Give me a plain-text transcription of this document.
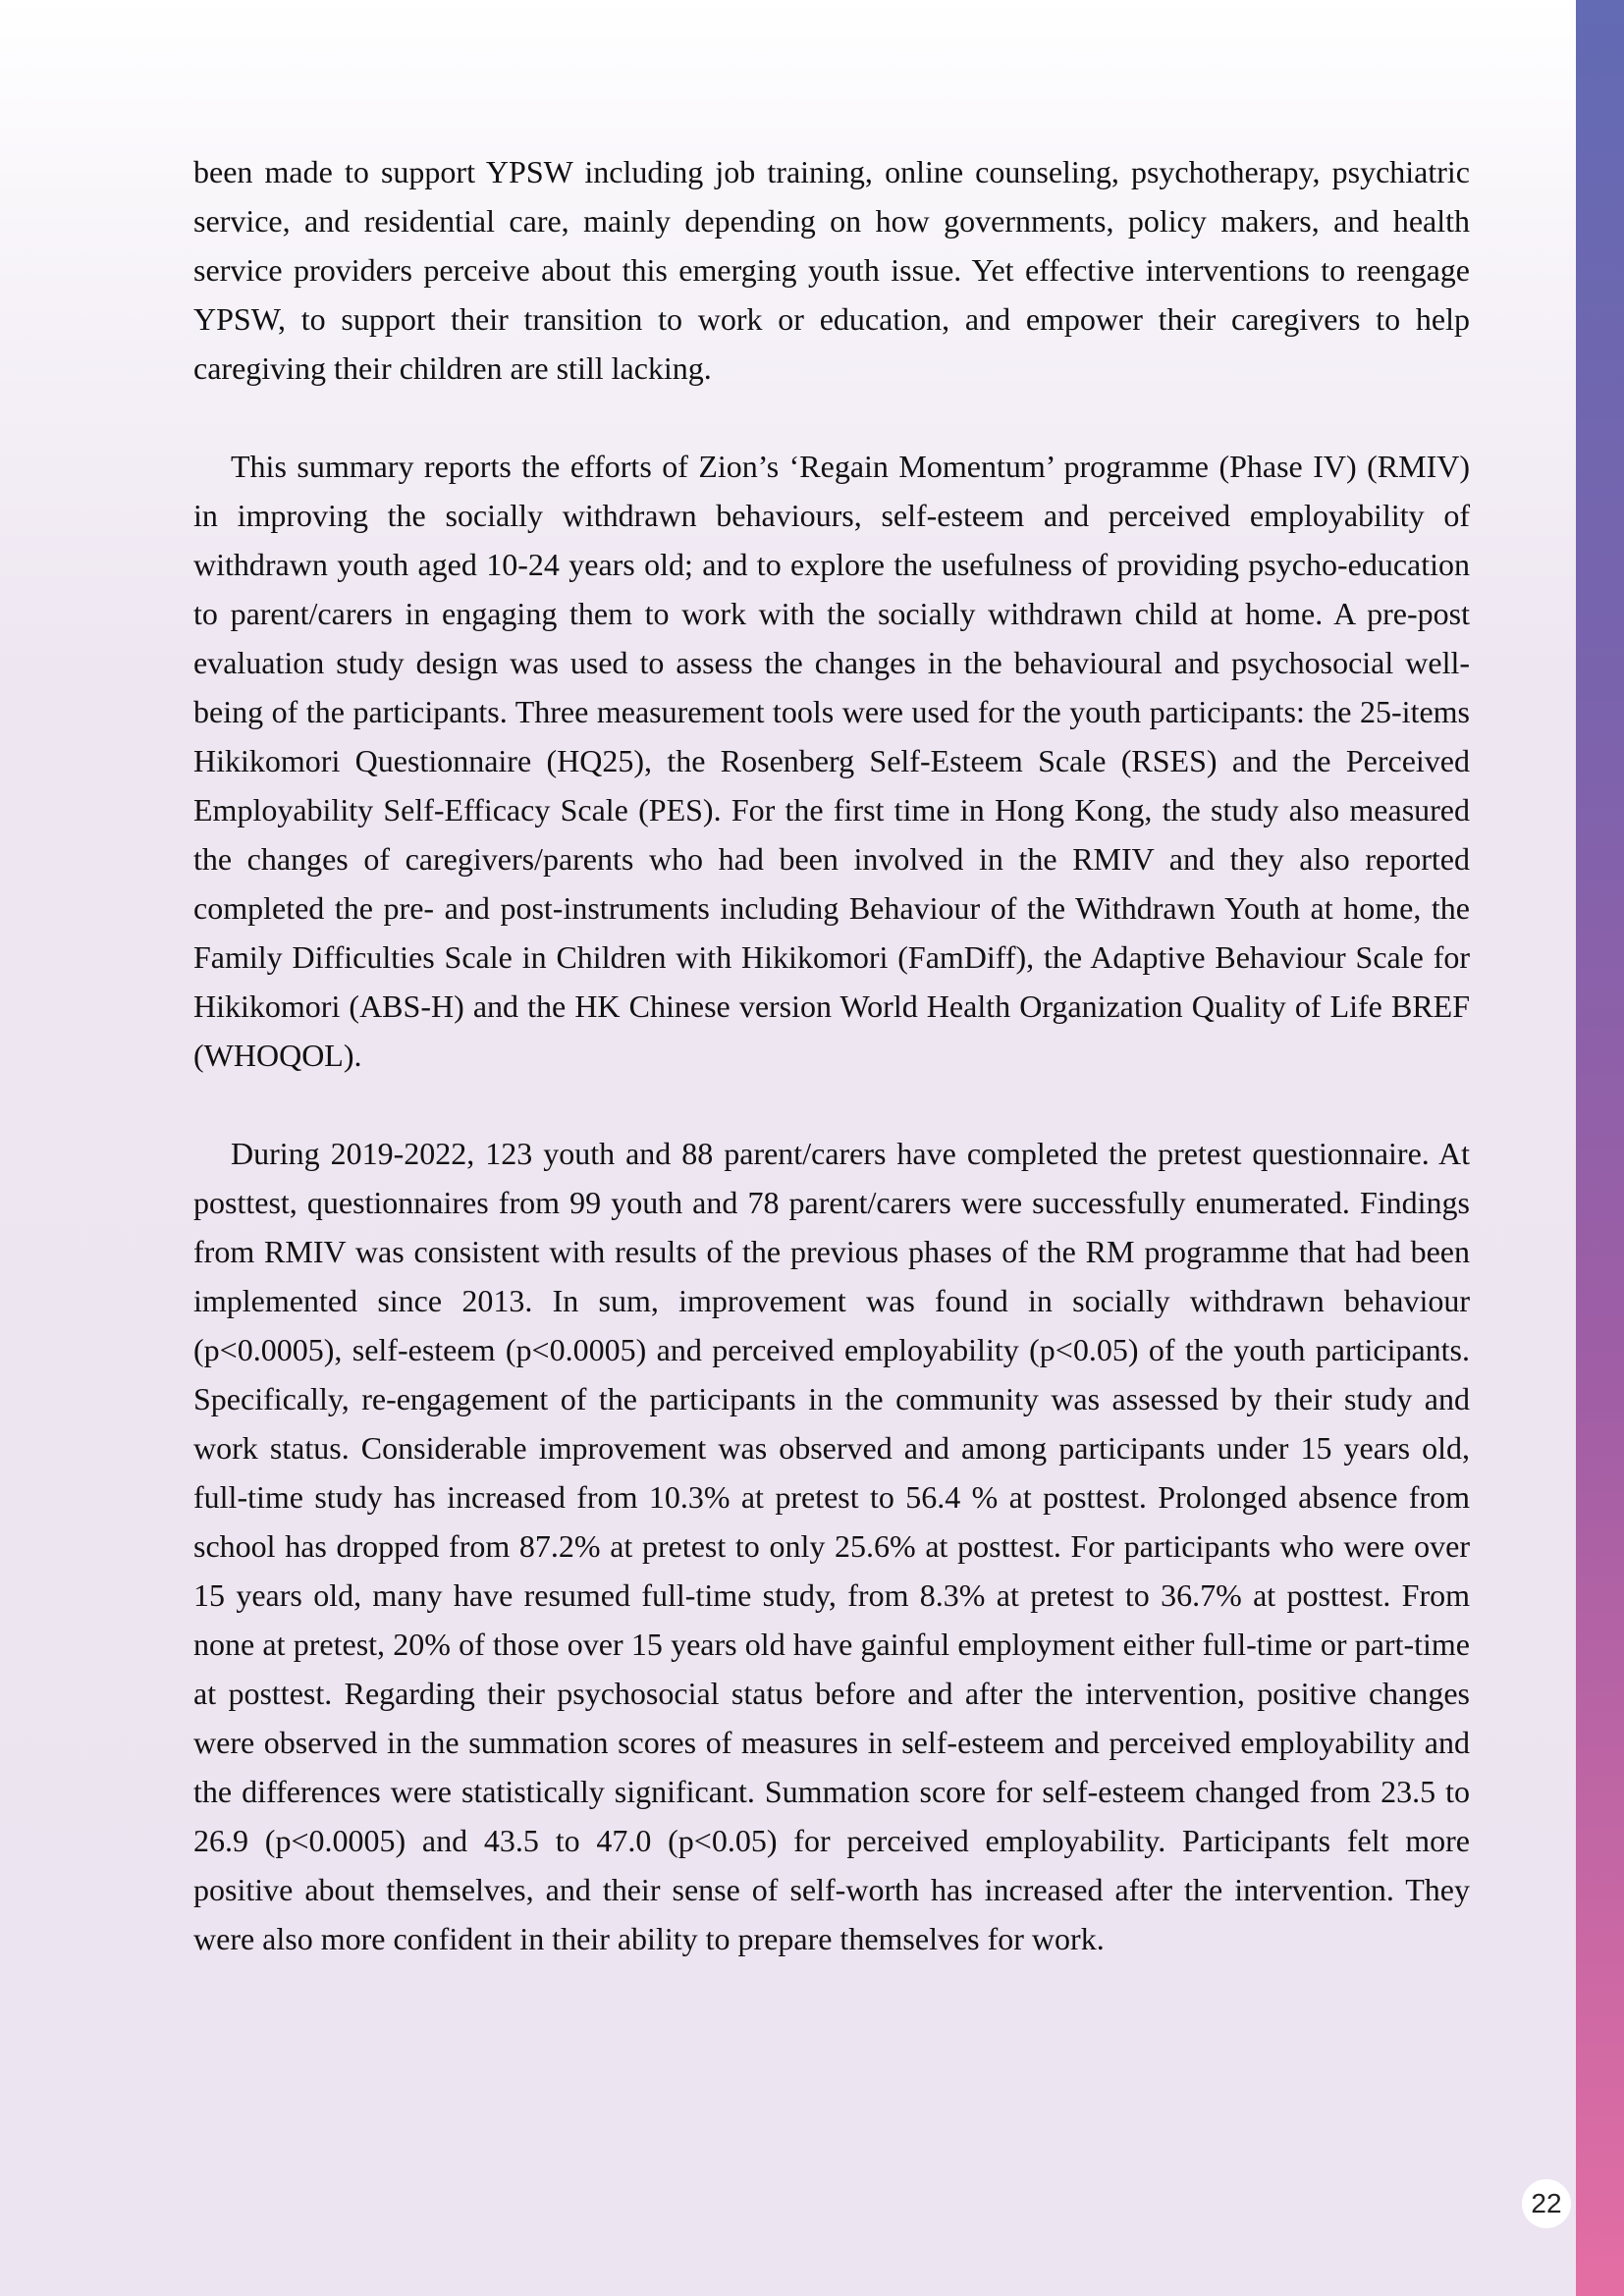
been made to support YPSW including job training, online counseling, psychotherapy, psychiatric service, and residential care, mainly depending on how governments, policy makers, and health service providers perceive about this emerging youth issue. Yet effective interventions to reengage YPSW, to support their transition to work or education, and empower their caregivers to help caregiving their children are still lacking.

This summary reports the efforts of Zion’s ‘Regain Momentum’ programme (Phase IV) (RMIV) in improving the socially withdrawn behaviours, self-esteem and perceived employability of withdrawn youth aged 10-24 years old; and to explore the usefulness of providing psycho-education to parent/carers in engaging them to work with the socially withdrawn child at home. A pre-post evaluation study design was used to assess the changes in the behavioural and psychosocial well-being of the participants. Three measurement tools were used for the youth participants: the 25-items Hikikomori Questionnaire (HQ25), the Rosenberg Self-Esteem Scale (RSES) and the Perceived Employability Self-Efficacy Scale (PES). For the first time in Hong Kong, the study also measured the changes of caregivers/parents who had been involved in the RMIV and they also reported completed the pre- and post-instruments including Behaviour of the Withdrawn Youth at home, the Family Difficulties Scale in Children with Hikikomori (FamDiff), the Adaptive Behaviour Scale for Hikikomori (ABS-H) and the HK Chinese version World Health Organization Quality of Life BREF (WHOQOL).

During 2019-2022, 123 youth and 88 parent/carers have completed the pretest questionnaire. At posttest, questionnaires from 99 youth and 78 parent/carers were successfully enumerated. Findings from RMIV was consistent with results of the previous phases of the RM programme that had been implemented since 2013. In sum, improvement was found in socially withdrawn behaviour (p<0.0005), self-esteem (p<0.0005) and perceived employability (p<0.05) of the youth participants. Specifically, re-engagement of the participants in the community was assessed by their study and work status. Considerable improvement was observed and among participants under 15 years old, full-time study has increased from 10.3% at pretest to 56.4 % at posttest. Prolonged absence from school has dropped from 87.2% at pretest to only 25.6% at posttest. For participants who were over 15 years old, many have resumed full-time study, from 8.3% at pretest to 36.7% at posttest. From none at pretest, 20% of those over 15 years old have gainful employment either full-time or part-time at posttest. Regarding their psychosocial status before and after the intervention, positive changes were observed in the summation scores of measures in self-esteem and perceived employability and the differences were statistically significant. Summation score for self-esteem changed from 23.5 to 26.9 (p<0.0005) and 43.5 to 47.0 (p<0.05) for perceived employability. Participants felt more positive about themselves, and their sense of self-worth has increased after the intervention. They were also more confident in their ability to prepare themselves for work.

22
